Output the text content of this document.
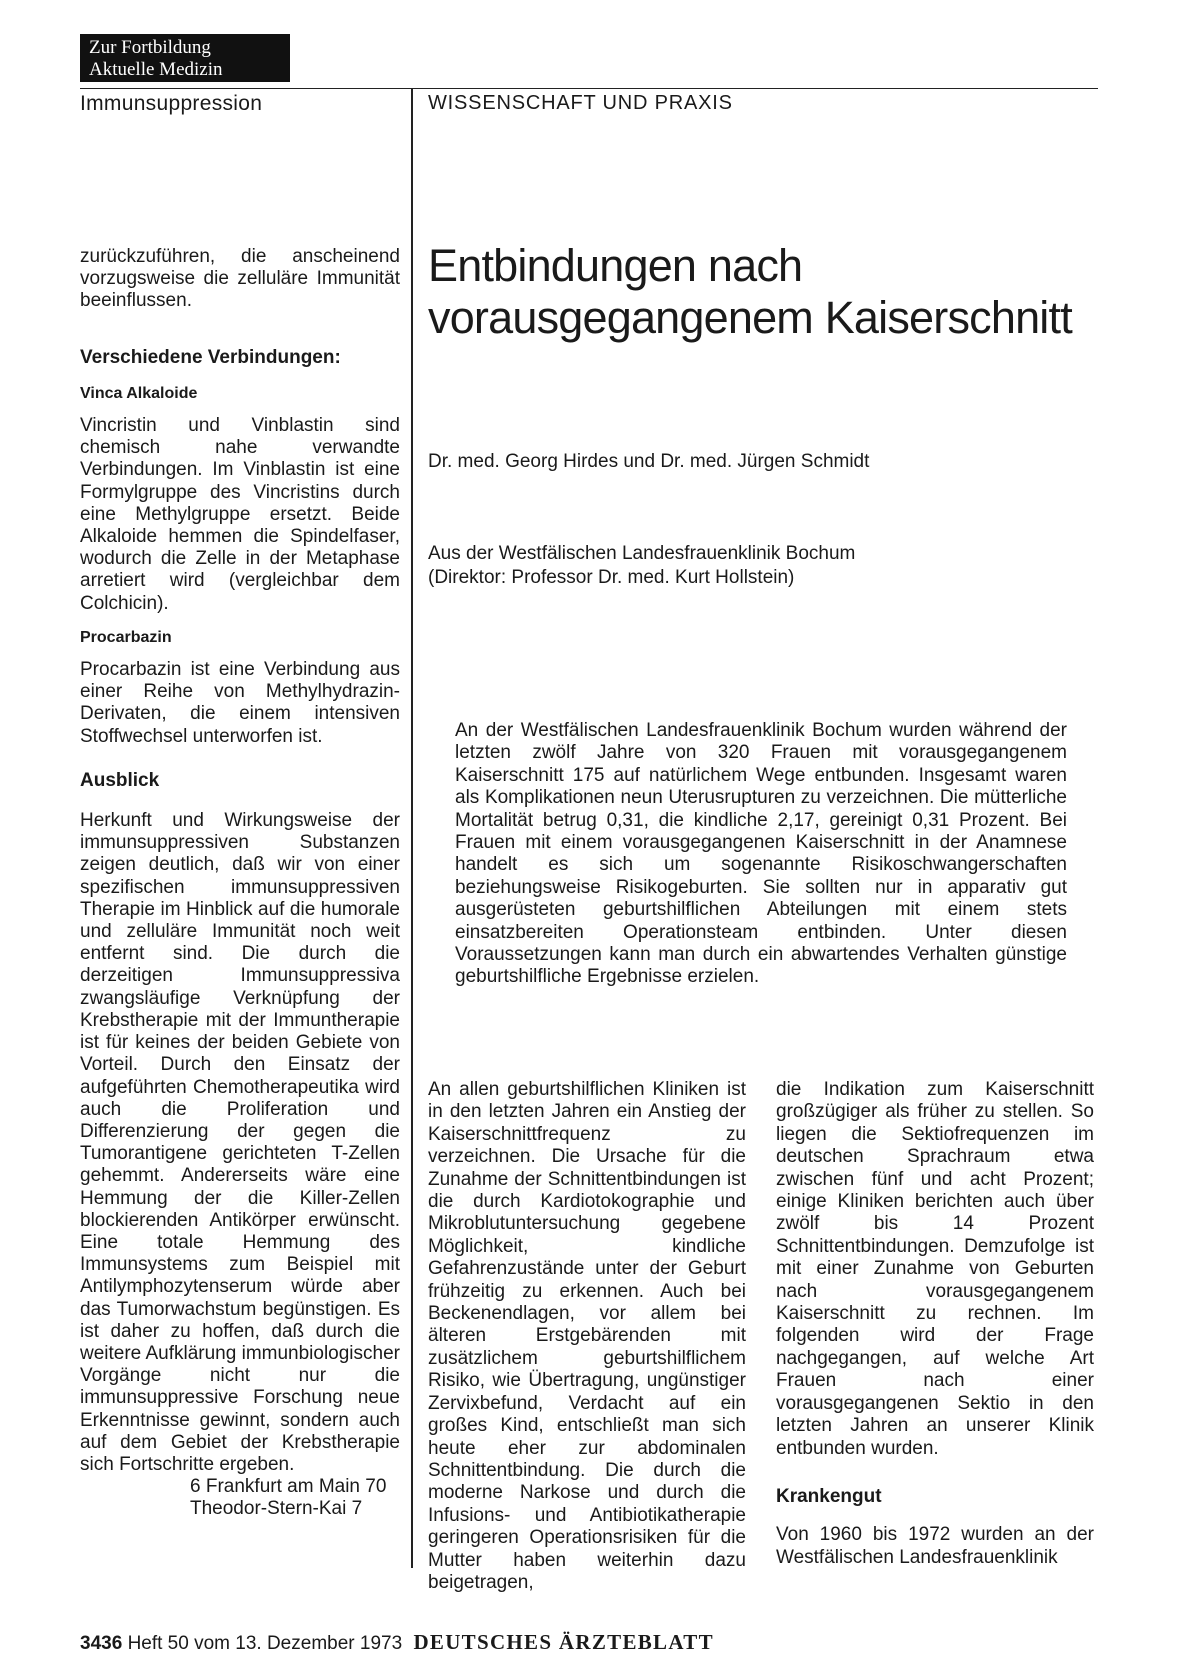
Zur Fortbildung
Aktuelle Medizin
Immunsuppression	WISSENSCHAFT UND PRAXIS

zurückzuführen, die anscheinend vorzugsweise die zelluläre Immunität beeinflussen.

Verschiedene Verbindungen:
Vinca Alkaloide

Vincristin und Vinblastin sind chemisch nahe verwandte Verbindungen. Im Vinblastin ist eine Formylgruppe des Vincristins durch eine Methylgruppe ersetzt. Beide Alkaloide hemmen die Spindelfaser, wodurch die Zelle in der Metaphase arretiert wird (vergleichbar dem Colchicin).

Procarbazin

Procarbazin ist eine Verbindung aus einer Reihe von Methylhydrazin-Derivaten, die einem intensiven Stoffwechsel unterworfen ist.

Ausblick

Herkunft und Wirkungsweise der immunsuppressiven Substanzen zeigen deutlich, daß wir von einer spezifischen immunsuppressiven Therapie im Hinblick auf die humorale und zelluläre Immunität noch weit entfernt sind. Die durch die derzeitigen Immunsuppressiva zwangsläufige Verknüpfung der Krebstherapie mit der Immuntherapie ist für keines der beiden Gebiete von Vorteil. Durch den Einsatz der aufgeführten Chemotherapeutika wird auch die Proliferation und Differenzierung der gegen die Tumorantigene gerichteten T-Zellen gehemmt. Andererseits wäre eine Hemmung der die Killer-Zellen blockierenden Antikörper erwünscht. Eine totale Hemmung des Immunsystems zum Beispiel mit Antilymphozytenserum würde aber das Tumorwachstum begünstigen. Es ist daher zu hoffen, daß durch die weitere Aufklärung immunbiologischer Vorgänge nicht nur die immunsuppressive Forschung neue Erkenntnisse gewinnt, sondern auch auf dem Gebiet der Krebstherapie sich Fortschritte ergeben.

6 Frankfurt am Main 70

Theodor-Stern-Kai 7

Entbindungen nach
vorausgegangenem Kaiserschnitt
Dr. med. Georg Hirdes und Dr. med. Jürgen Schmidt
Aus der Westfälischen Landesfrauenklinik Bochum
(Direktor: Professor Dr. med. Kurt Hollstein)

An der Westfälischen Landesfrauenklinik Bochum wurden während der letzten zwölf Jahre von 320 Frauen mit vorausgegangenem Kaiserschnitt 175 auf natürlichem Wege entbunden. Insgesamt waren als Komplikationen neun Uterusrupturen zu verzeichnen. Die mütterliche Mortalität betrug 0,31, die kindliche 2,17, gereinigt 0,31 Prozent. Bei Frauen mit einem vorausgegangenen Kaiserschnitt in der Anamnese handelt es sich um sogenannte Risikoschwangerschaften beziehungsweise Risikogeburten. Sie sollten nur in apparativ gut ausgerüsteten geburtshilflichen Abteilungen mit einem stets einsatzbereiten Operationsteam entbinden. Unter diesen Voraussetzungen kann man durch ein abwartendes Verhalten günstige geburtshilfliche Ergebnisse erzielen.

An allen geburtshilflichen Kliniken ist in den letzten Jahren ein Anstieg der Kaiserschnittfrequenz zu verzeichnen. Die Ursache für die Zunahme der Schnittentbindungen ist die durch Kardiotokographie und Mikroblutuntersuchung gegebene Möglichkeit, kindliche Gefahrenzustände unter der Geburt frühzeitig zu erkennen. Auch bei Beckenendlagen, vor allem bei älteren Erstgebärenden mit zusätzlichem geburtshilflichem Risiko, wie Übertragung, ungünstiger Zervixbefund, Verdacht auf ein großes Kind, entschließt man sich heute eher zur abdominalen Schnittentbindung. Die durch die moderne Narkose und durch die Infusions- und Antibiotikatherapie geringeren Operationsrisiken für die Mutter haben weiterhin dazu beigetragen,

die Indikation zum Kaiserschnitt großzügiger als früher zu stellen. So liegen die Sektiofrequenzen im deutschen Sprachraum etwa zwischen fünf und acht Prozent; einige Kliniken berichten auch über zwölf bis 14 Prozent Schnittentbindungen. Demzufolge ist mit einer Zunahme von Geburten nach vorausgegangenem Kaiserschnitt zu rechnen. Im folgenden wird der Frage nachgegangen, auf welche Art Frauen nach einer vorausgegangenen Sektio in den letzten Jahren an unserer Klinik entbunden wurden.

Krankengut

Von 1960 bis 1972 wurden an der Westfälischen Landesfrauenklinik

3436 Heft 50 vom 13. Dezember 1973 DEUTSCHES ÄRZTEBLATT
